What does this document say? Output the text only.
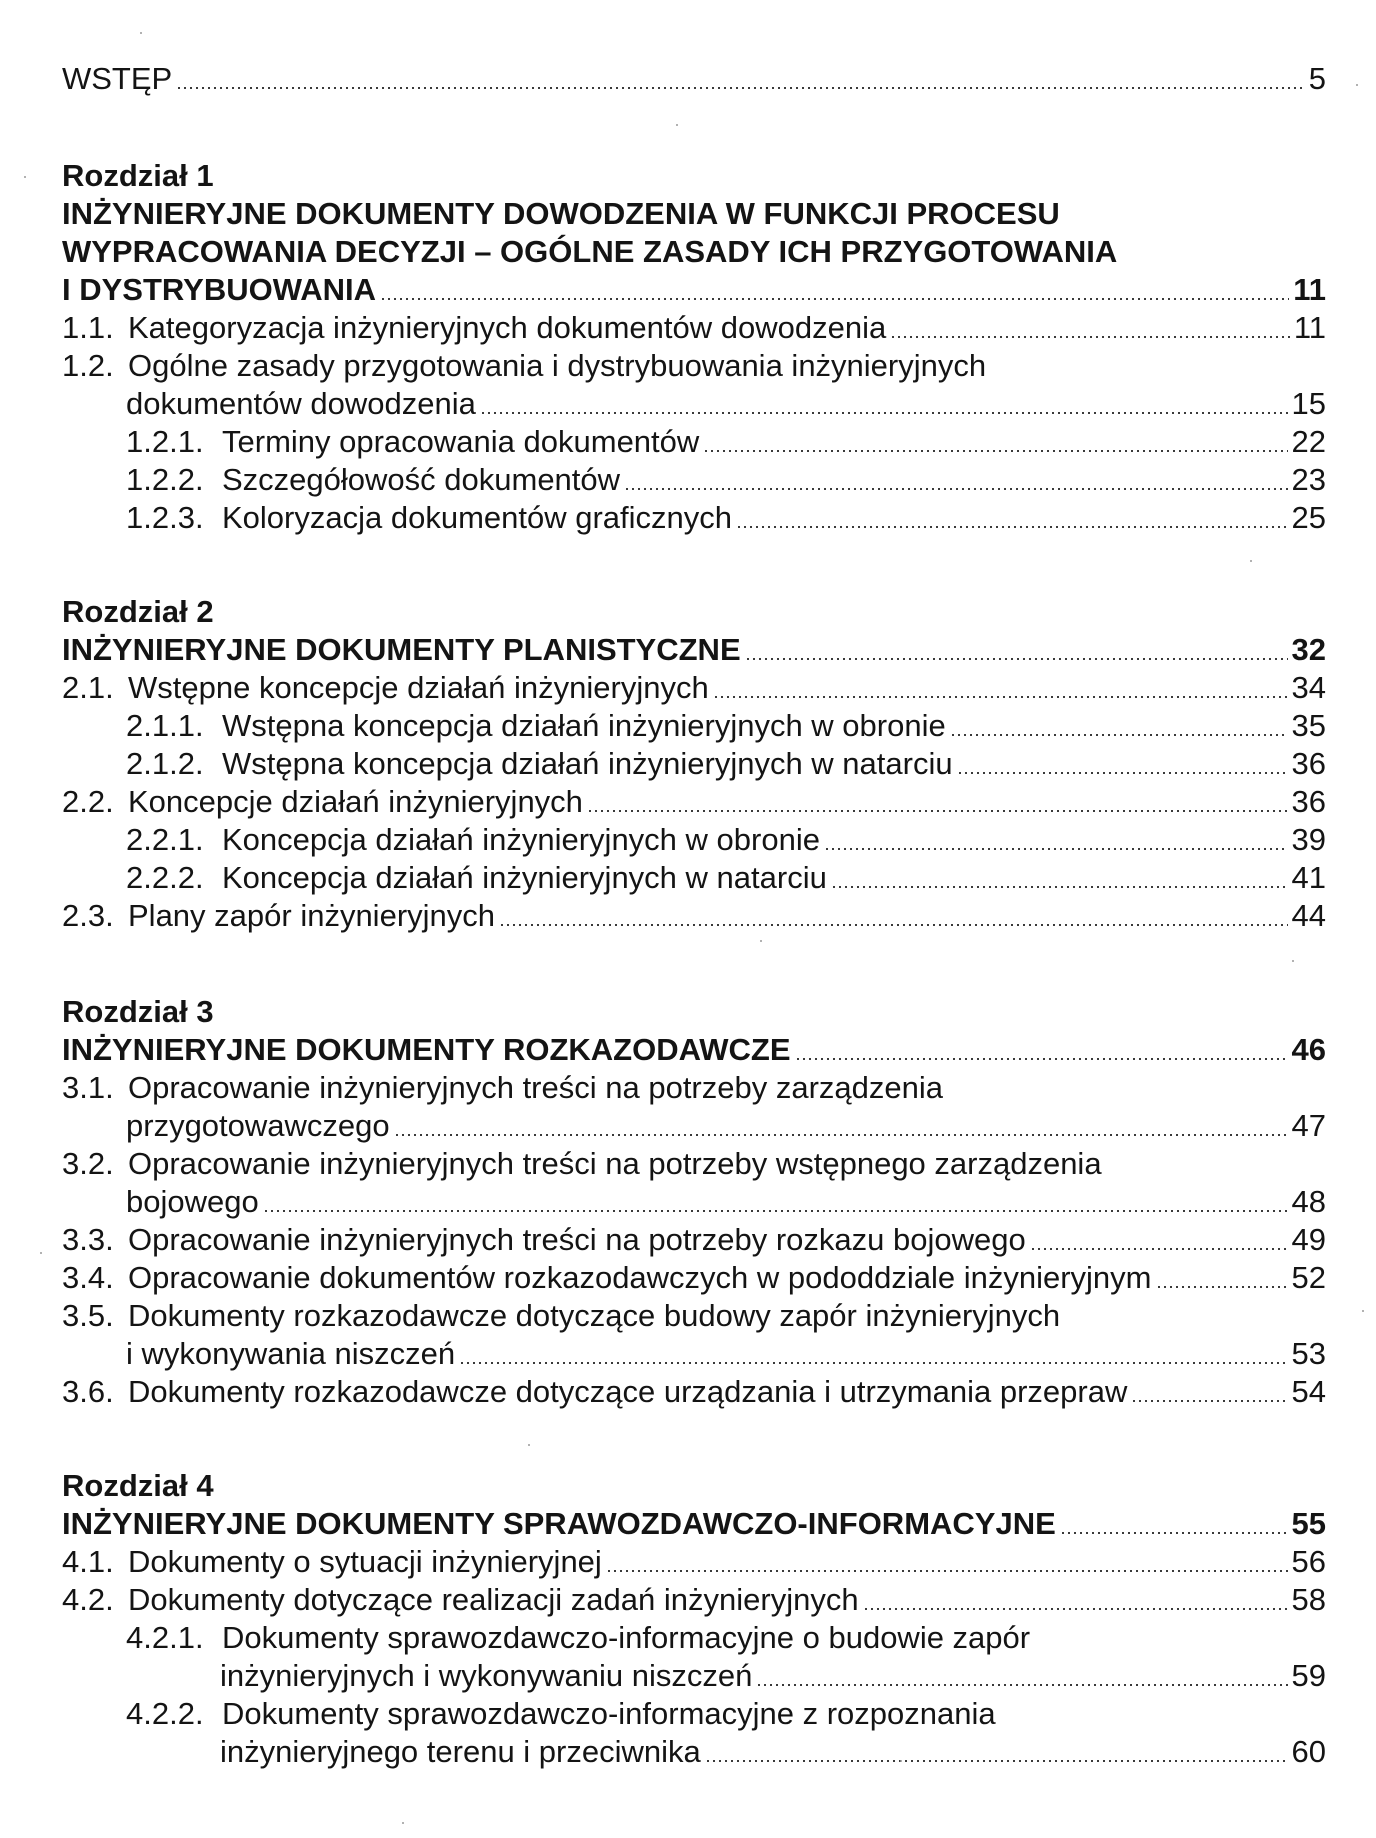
WSTĘP	5
Rozdział 1
INŻYNIERYJNE DOKUMENTY DOWODZENIA W FUNKCJI PROCESU
WYPRACOWANIA DECYZJI – OGÓLNE ZASADY ICH PRZYGOTOWANIA
I DYSTRYBUOWANIA	11
1.1. Kategoryzacja inżynieryjnych dokumentów dowodzenia	11
1.2. Ogólne zasady przygotowania i dystrybuowania inżynieryjnych
dokumentów dowodzenia	15
1.2.1. Terminy opracowania dokumentów	22
1.2.2. Szczegółowość dokumentów	23
1.2.3. Koloryzacja dokumentów graficznych	25
Rozdział 2
INŻYNIERYJNE DOKUMENTY PLANISTYCZNE	32
2.1. Wstępne koncepcje działań inżynieryjnych	34
2.1.1. Wstępna koncepcja działań inżynieryjnych w obronie	35
2.1.2. Wstępna koncepcja działań inżynieryjnych w natarciu	36
2.2. Koncepcje działań inżynieryjnych	36
2.2.1. Koncepcja działań inżynieryjnych w obronie	39
2.2.2. Koncepcja działań inżynieryjnych w natarciu	41
2.3. Plany zapór inżynieryjnych	44
Rozdział 3
INŻYNIERYJNE DOKUMENTY ROZKAZODAWCZE	46
3.1. Opracowanie inżynieryjnych treści na potrzeby zarządzenia
przygotowawczego	47
3.2. Opracowanie inżynieryjnych treści na potrzeby wstępnego zarządzenia
bojowego	48
3.3. Opracowanie inżynieryjnych treści na potrzeby rozkazu bojowego	49
3.4. Opracowanie dokumentów rozkazodawczych w pododdziale inżynieryjnym	52
3.5. Dokumenty rozkazodawcze dotyczące budowy zapór inżynieryjnych
i wykonywania niszczeń	53
3.6. Dokumenty rozkazodawcze dotyczące urządzania i utrzymania przepraw	54
Rozdział 4
INŻYNIERYJNE DOKUMENTY SPRAWOZDAWCZO-INFORMACYJNE	55
4.1. Dokumenty o sytuacji inżynieryjnej	56
4.2. Dokumenty dotyczące realizacji zadań inżynieryjnych	58
4.2.1. Dokumenty sprawozdawczo-informacyjne o budowie zapór
inżynieryjnych i wykonywaniu niszczeń	59
4.2.2. Dokumenty sprawozdawczo-informacyjne z rozpoznania
inżynieryjnego terenu i przeciwnika	60
